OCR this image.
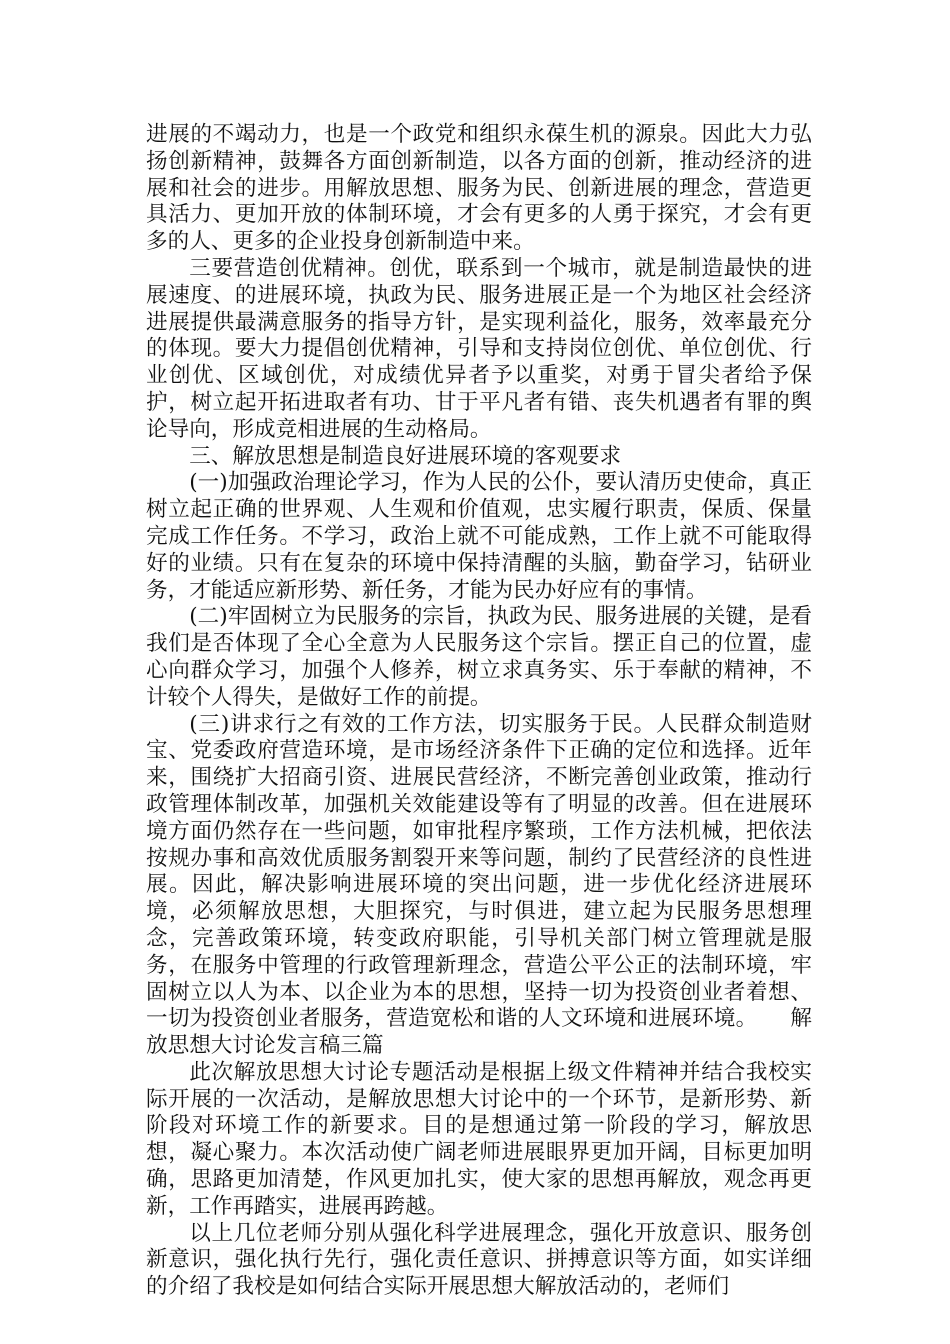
进展的不竭动力，也是一个政党和组织永葆生机的源泉。因此大力弘扬创新精神，鼓舞各方面创新制造，以各方面的创新，推动经济的进展和社会的进步。用解放思想、服务为民、创新进展的理念，营造更具活力、更加开放的体制环境，才会有更多的人勇于探究，才会有更多的人、更多的企业投身创新制造中来。

三要营造创优精神。创优，联系到一个城市，就是制造最快的进展速度、的进展环境，执政为民、服务进展正是一个为地区社会经济进展提供最满意服务的指导方针，是实现利益化，服务，效率最充分的体现。要大力提倡创优精神，引导和支持岗位创优、单位创优、行业创优、区域创优，对成绩优异者予以重奖，对勇于冒尖者给予保护，树立起开拓进取者有功、甘于平凡者有错、丧失机遇者有罪的舆论导向，形成竞相进展的生动格局。

三、解放思想是制造良好进展环境的客观要求

(一)加强政治理论学习，作为人民的公仆，要认清历史使命，真正树立起正确的世界观、人生观和价值观，忠实履行职责，保质、保量完成工作任务。不学习，政治上就不可能成熟，工作上就不可能取得好的业绩。只有在复杂的环境中保持清醒的头脑，勤奋学习，钻研业务，才能适应新形势、新任务，才能为民办好应有的事情。

(二)牢固树立为民服务的宗旨，执政为民、服务进展的关键，是看我们是否体现了全心全意为人民服务这个宗旨。摆正自己的位置，虚心向群众学习，加强个人修养，树立求真务实、乐于奉献的精神，不计较个人得失，是做好工作的前提。

(三)讲求行之有效的工作方法，切实服务于民。人民群众制造财宝、党委政府营造环境，是市场经济条件下正确的定位和选择。近年来，围绕扩大招商引资、进展民营经济，不断完善创业政策，推动行政管理体制改革，加强机关效能建设等有了明显的改善。但在进展环境方面仍然存在一些问题，如审批程序繁琐，工作方法机械，把依法按规办事和高效优质服务割裂开来等问题，制约了民营经济的良性进展。因此，解决影响进展环境的突出问题，进一步优化经济进展环境，必须解放思想，大胆探究，与时俱进，建立起为民服务思想理念，完善政策环境，转变政府职能，引导机关部门树立管理就是服务，在服务中管理的行政管理新理念，营造公平公正的法制环境，牢固树立以人为本、以企业为本的思想，坚持一切为投资创业者着想、一切为投资创业者服务，营造宽松和谐的人文环境和进展环境。　　解放思想大讨论发言稿三篇

此次解放思想大讨论专题活动是根据上级文件精神并结合我校实际开展的一次活动，是解放思想大讨论中的一个环节，是新形势、新阶段对环境工作的新要求。目的是想通过第一阶段的学习，解放思想，凝心聚力。本次活动使广阔老师进展眼界更加开阔，目标更加明确，思路更加清楚，作风更加扎实，使大家的思想再解放，观念再更新，工作再踏实，进展再跨越。

以上几位老师分别从强化科学进展理念，强化开放意识、服务创新意识，强化执行先行，强化责任意识、拼搏意识等方面，如实详细的介绍了我校是如何结合实际开展思想大解放活动的，老师们
